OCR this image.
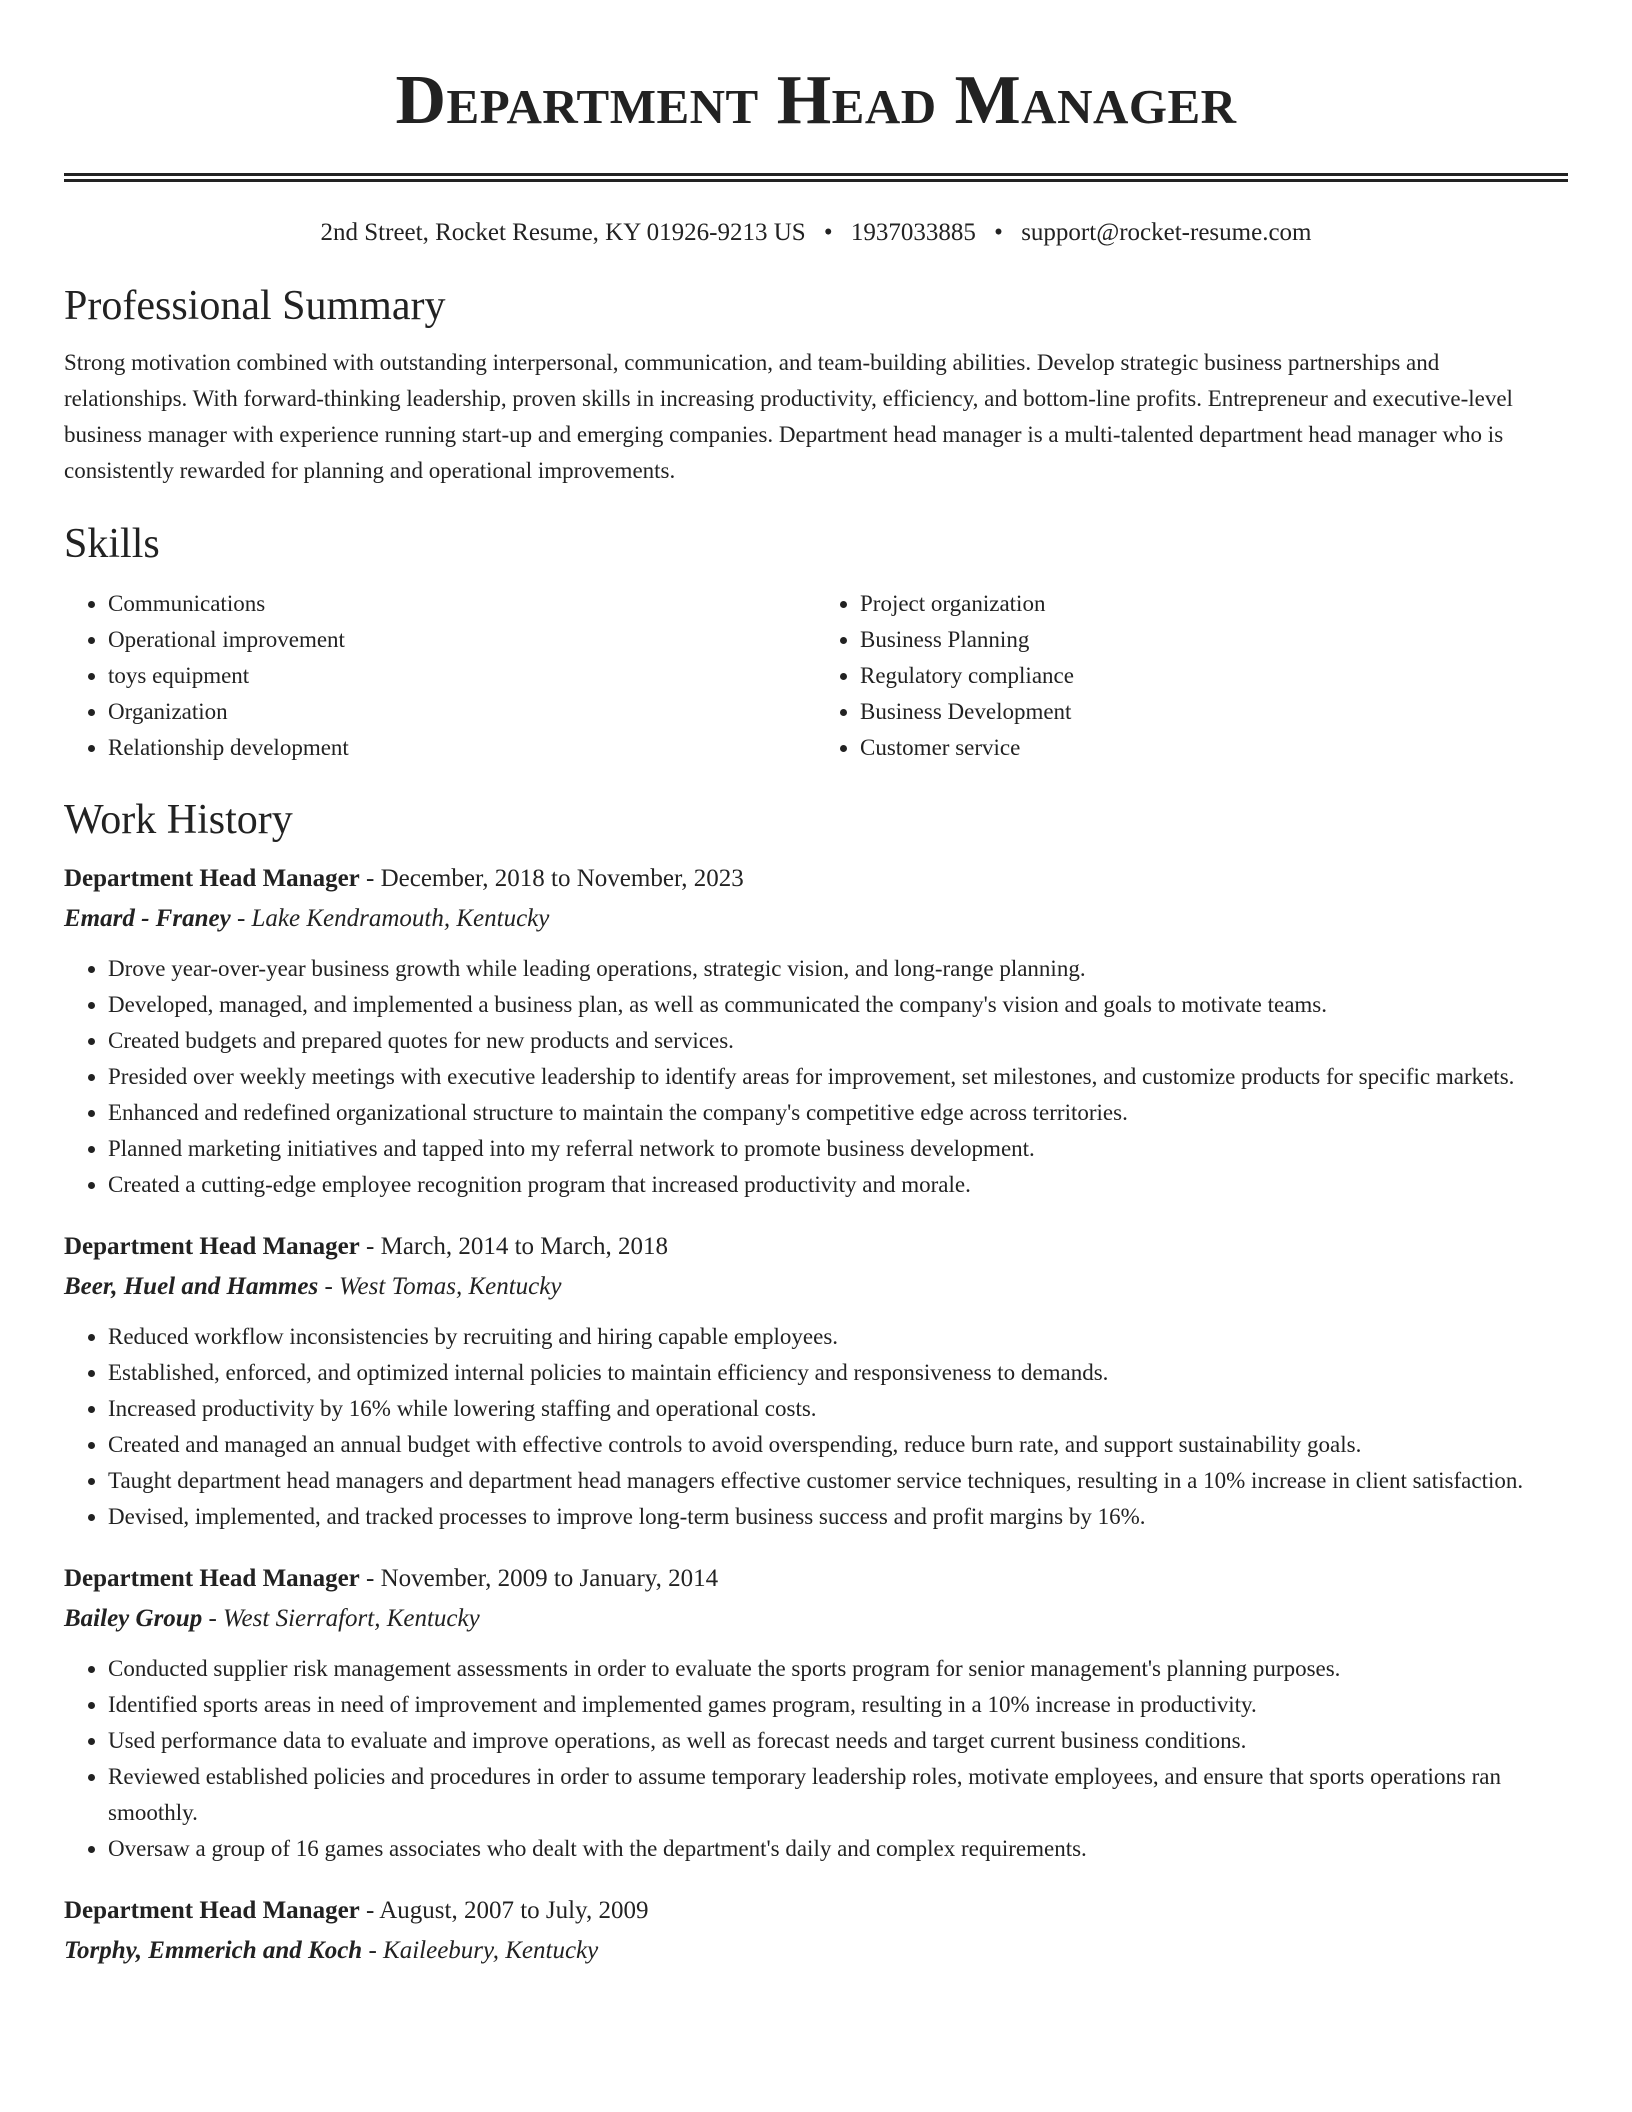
Department Head Manager
2nd Street, Rocket Resume, KY 01926-9213 US • 1937033885 • support@rocket-resume.com
Professional Summary

Strong motivation combined with outstanding interpersonal, communication, and team-building abilities. Develop strategic business partnerships and relationships. With forward-thinking leadership, proven skills in increasing productivity, efficiency, and bottom-line profits. Entrepreneur and executive-level business manager with experience running start-up and emerging companies. Department head manager is a multi-talented department head manager who is consistently rewarded for planning and operational improvements.

Skills
• Communications
• Operational improvement
• toys equipment
• Organization
• Relationship development
• Project organization
• Business Planning
• Regulatory compliance
• Business Development
• Customer service
Work History
Department Head Manager - December, 2018 to November, 2023
Emard - Franey - Lake Kendramouth, Kentucky
• Drove year-over-year business growth while leading operations, strategic vision, and long-range planning.
• Developed, managed, and implemented a business plan, as well as communicated the company's vision and goals to motivate teams.
• Created budgets and prepared quotes for new products and services.
• Presided over weekly meetings with executive leadership to identify areas for improvement, set milestones, and customize products for specific markets.
• Enhanced and redefined organizational structure to maintain the company's competitive edge across territories.
• Planned marketing initiatives and tapped into my referral network to promote business development.
• Created a cutting-edge employee recognition program that increased productivity and morale.
Department Head Manager - March, 2014 to March, 2018
Beer, Huel and Hammes - West Tomas, Kentucky
• Reduced workflow inconsistencies by recruiting and hiring capable employees.
• Established, enforced, and optimized internal policies to maintain efficiency and responsiveness to demands.
• Increased productivity by 16% while lowering staffing and operational costs.
• Created and managed an annual budget with effective controls to avoid overspending, reduce burn rate, and support sustainability goals.
• Taught department head managers and department head managers effective customer service techniques, resulting in a 10% increase in client satisfaction.
• Devised, implemented, and tracked processes to improve long-term business success and profit margins by 16%.
Department Head Manager - November, 2009 to January, 2014
Bailey Group - West Sierrafort, Kentucky
• Conducted supplier risk management assessments in order to evaluate the sports program for senior management's planning purposes.
• Identified sports areas in need of improvement and implemented games program, resulting in a 10% increase in productivity.
• Used performance data to evaluate and improve operations, as well as forecast needs and target current business conditions.
• Reviewed established policies and procedures in order to assume temporary leadership roles, motivate employees, and ensure that sports operations ran smoothly.
• Oversaw a group of 16 games associates who dealt with the department's daily and complex requirements.
Department Head Manager - August, 2007 to July, 2009
Torphy, Emmerich and Koch - Kaileebury, Kentucky
